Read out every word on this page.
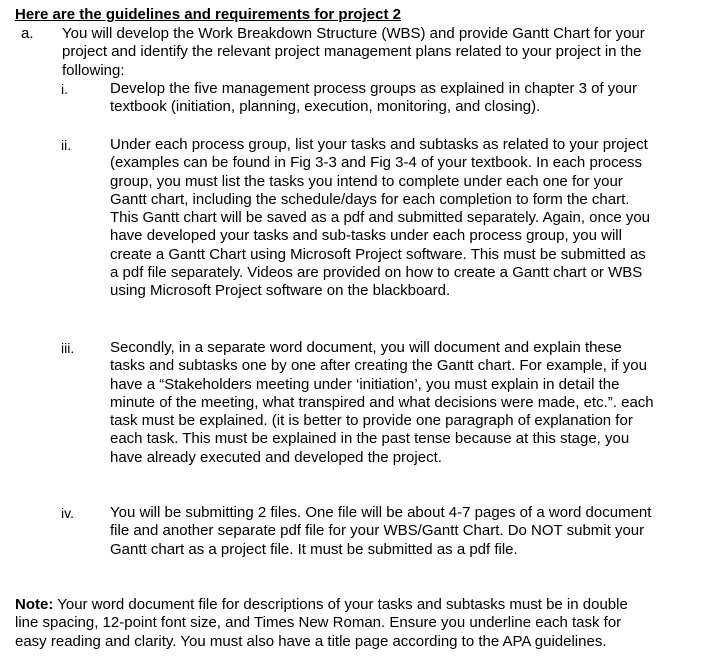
Here are the guidelines and requirements for project 2
a. You will develop the Work Breakdown Structure (WBS) and provide Gantt Chart for your project and identify the relevant project management plans related to your project in the following:
i.	Develop the five management process groups as explained in chapter 3 of your textbook (initiation, planning, execution, monitoring, and closing).
ii.	Under each process group, list your tasks and subtasks as related to your project (examples can be found in Fig 3-3 and Fig 3-4 of your textbook. In each process group, you must list the tasks you intend to complete under each one for your Gantt chart, including the schedule/days for each completion to form the chart. This Gantt chart will be saved as a pdf and submitted separately. Again, once you have developed your tasks and sub-tasks under each process group, you will create a Gantt Chart using Microsoft Project software. This must be submitted as a pdf file separately. Videos are provided on how to create a Gantt chart or WBS using Microsoft Project software on the blackboard.
iii. Secondly, in a separate word document, you will document and explain these tasks and subtasks one by one after creating the Gantt chart. For example, if you have a “Stakeholders meeting under ‘initiation’, you must explain in detail the minute of the meeting, what transpired and what decisions were made, etc.”. each task must be explained. (it is better to provide one paragraph of explanation for each task. This must be explained in the past tense because at this stage, you have already executed and developed the project.
iv. You will be submitting 2 files. One file will be about 4-7 pages of a word document file and another separate pdf file for your WBS/Gantt Chart. Do NOT submit your Gantt chart as a project file. It must be submitted as a pdf file.
Note: Your word document file for descriptions of your tasks and subtasks must be in double line spacing, 12-point font size, and Times New Roman. Ensure you underline each task for easy reading and clarity. You must also have a title page according to the APA guidelines.
